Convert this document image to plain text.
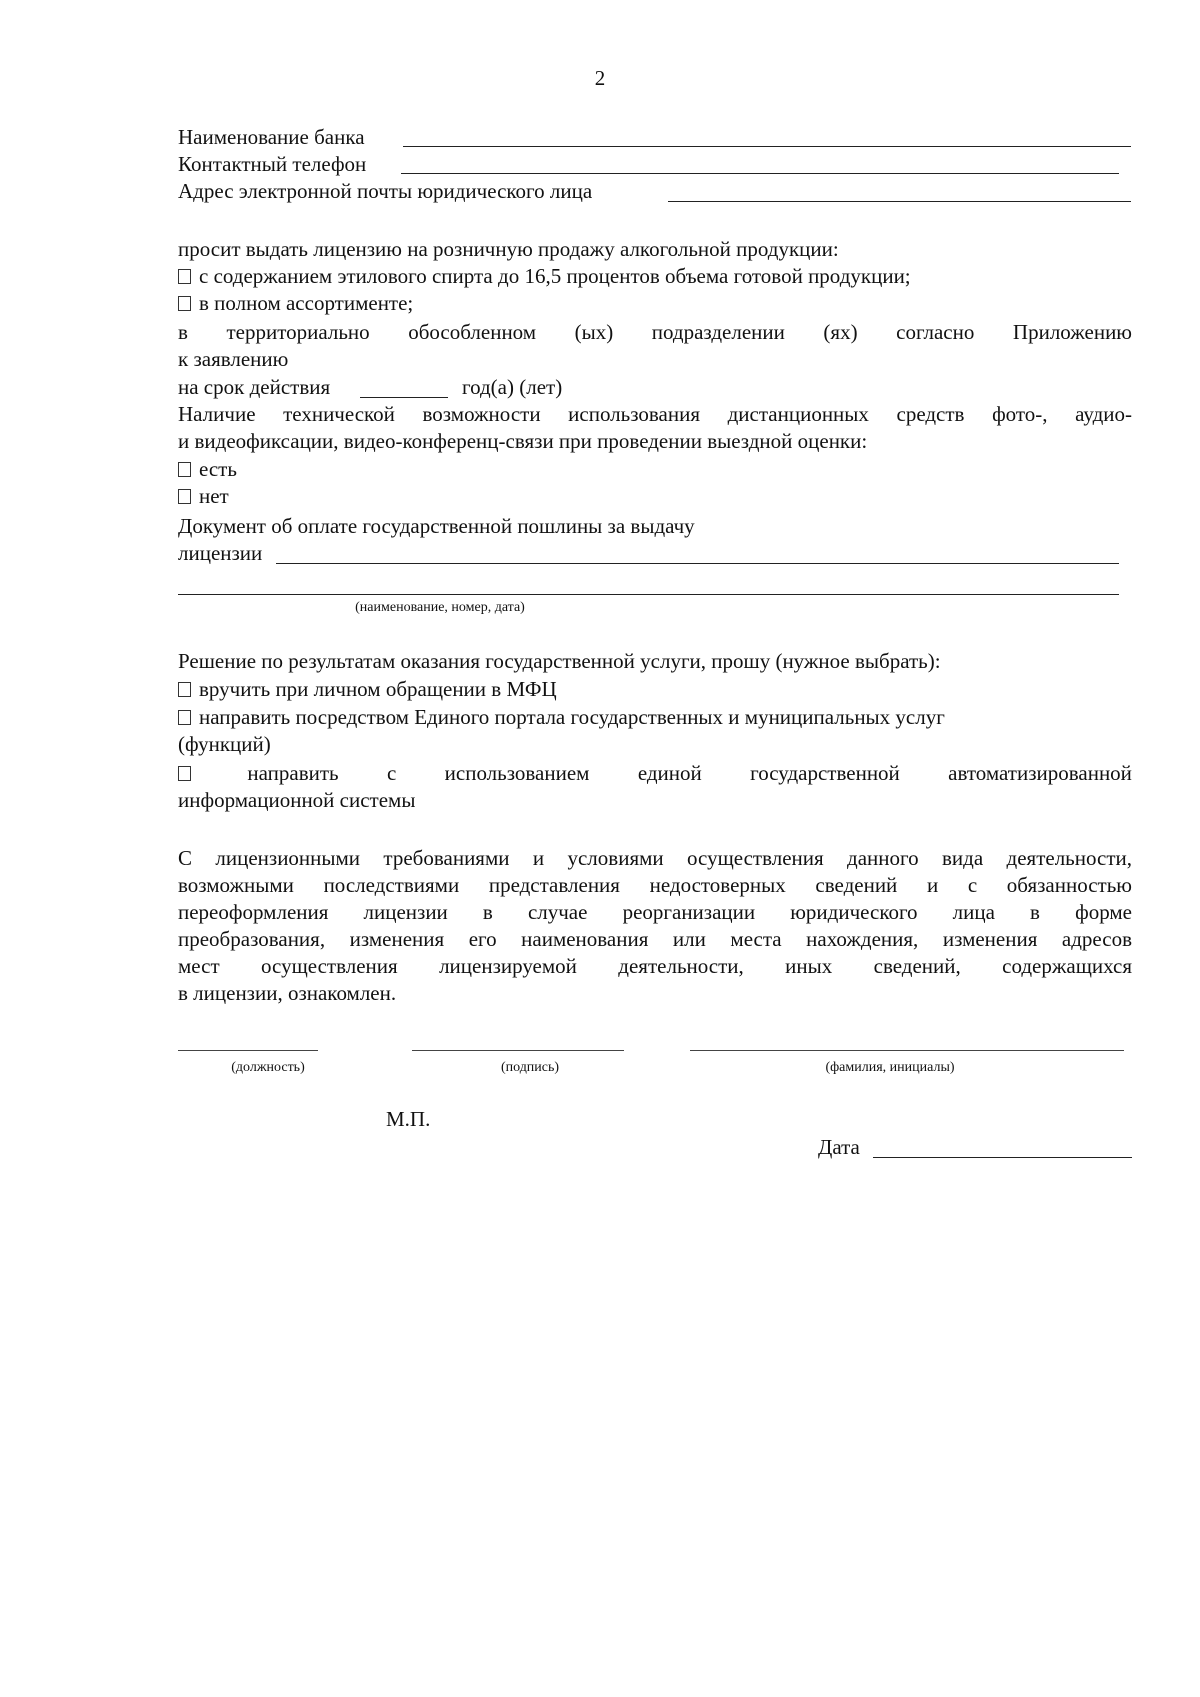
2
Наименование банка
Контактный телефон
Адрес электронной почты юридического лица
просит выдать лицензию на розничную продажу алкогольной продукции:
с содержанием этилового спирта до 16,5 процентов объема готовой продукции;
в полном ассортименте;
в территориально обособленном (ых) подразделении (ях) согласно Приложению
к заявлению
на срок действия	год(а) (лет)
Наличие технической возможности использования дистанционных средств фото-, аудио-
и видеофиксации, видео-конференц-связи при проведении выездной оценки:
есть
нет
Документ об оплате государственной пошлины за выдачу
лицензии
(наименование, номер, дата)
Решение по результатам оказания государственной услуги, прошу (нужное выбрать):
вручить при личном обращении в МФЦ
направить посредством Единого портала государственных и муниципальных услуг
(функций)
направить с использованием единой государственной автоматизированной
информационной системы
С лицензионными требованиями и условиями осуществления данного вида деятельности,
возможными последствиями представления недостоверных сведений и с обязанностью
переоформления лицензии в случае реорганизации юридического лица в форме
преобразования, изменения его наименования или места нахождения, изменения адресов
мест осуществления лицензируемой деятельности, иных сведений, содержащихся
в лицензии, ознакомлен.
(должность)	(подпись)	(фамилия, инициалы)
М.П.
Дата
